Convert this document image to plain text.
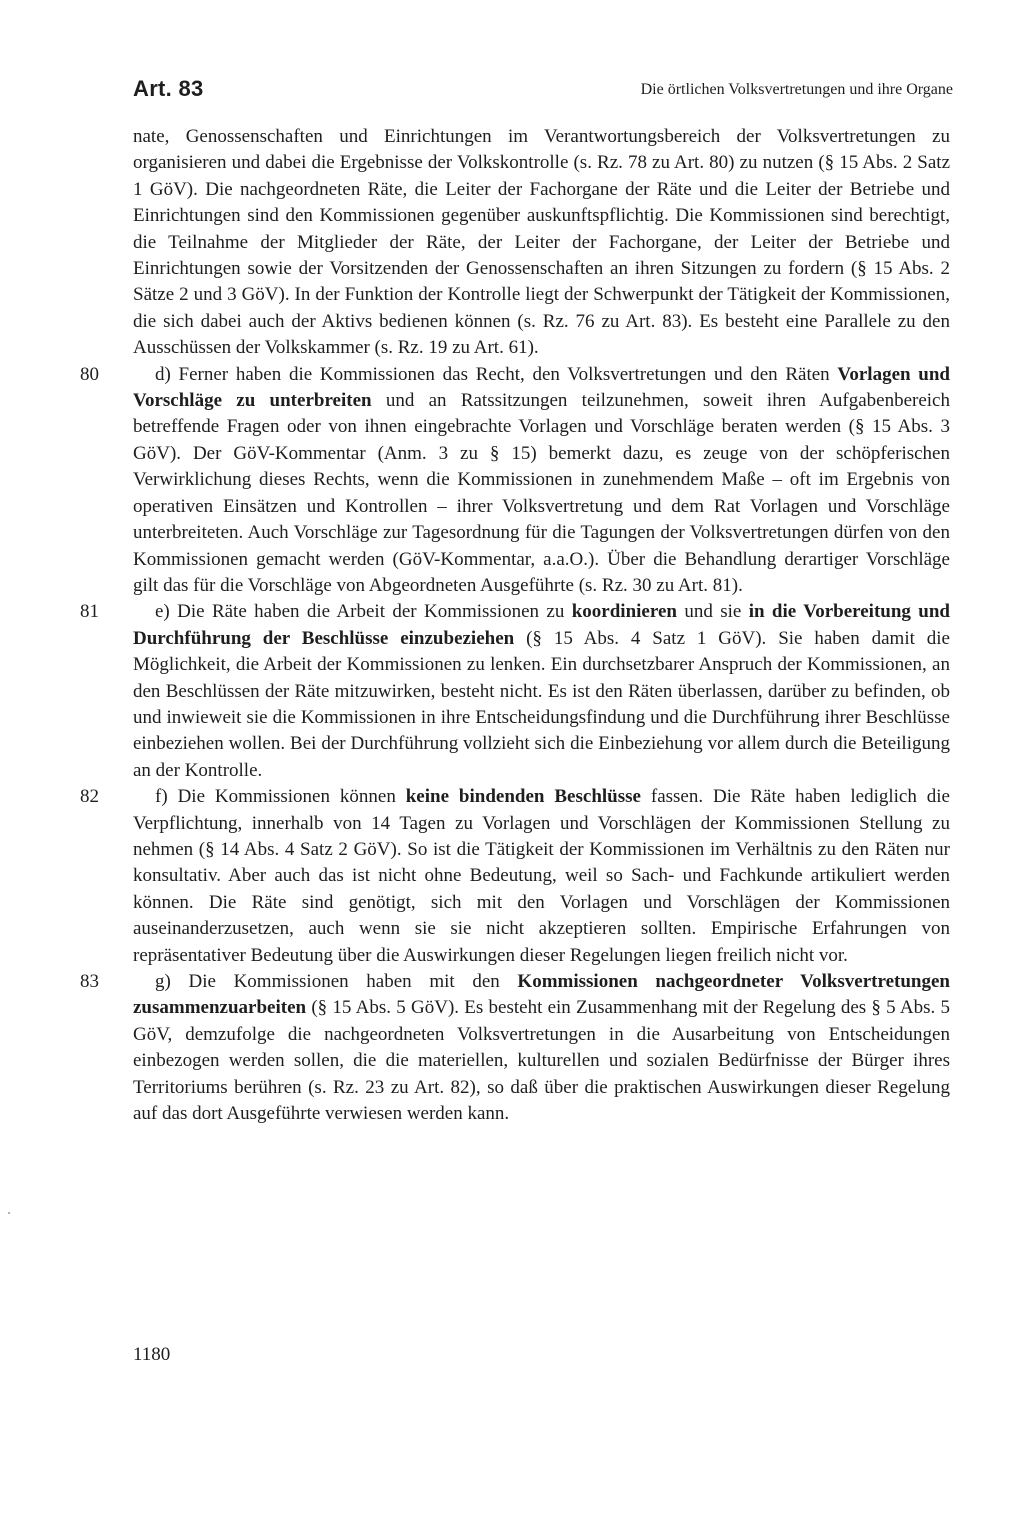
Art. 83	Die örtlichen Volksvertretungen und ihre Organe

nate, Genossenschaften und Einrichtungen im Verantwortungsbereich der Volksvertretungen zu organisieren und dabei die Ergebnisse der Volkskontrolle (s. Rz. 78 zu Art. 80) zu nutzen (§ 15 Abs. 2 Satz 1 GöV). Die nachgeordneten Räte, die Leiter der Fachorgane der Räte und die Leiter der Betriebe und Einrichtungen sind den Kommissionen gegenüber auskunftspflichtig. Die Kommissionen sind berechtigt, die Teilnahme der Mitglieder der Räte, der Leiter der Fachorgane, der Leiter der Betriebe und Einrichtungen sowie der Vorsitzenden der Genossenschaften an ihren Sitzungen zu fordern (§ 15 Abs. 2 Sätze 2 und 3 GöV). In der Funktion der Kontrolle liegt der Schwerpunkt der Tätigkeit der Kommissionen, die sich dabei auch der Aktivs bedienen können (s. Rz. 76 zu Art. 83). Es besteht eine Parallele zu den Ausschüssen der Volkskammer (s. Rz. 19 zu Art. 61).

80	d) Ferner haben die Kommissionen das Recht, den Volksvertretungen und den Räten Vorlagen und Vorschläge zu unterbreiten und an Ratssitzungen teilzunehmen, soweit ihren Aufgabenbereich betreffende Fragen oder von ihnen eingebrachte Vorlagen und Vorschläge beraten werden (§ 15 Abs. 3 GöV). Der GöV-Kommentar (Anm. 3 zu § 15) bemerkt dazu, es zeuge von der schöpferischen Verwirklichung dieses Rechts, wenn die Kommissionen in zunehmendem Maße – oft im Ergebnis von operativen Einsätzen und Kontrollen – ihrer Volksvertretung und dem Rat Vorlagen und Vorschläge unterbreiteten. Auch Vorschläge zur Tagesordnung für die Tagungen der Volksvertretungen dürfen von den Kommissionen gemacht werden (GöV-Kommentar, a.a.O.). Über die Behandlung derartiger Vorschläge gilt das für die Vorschläge von Abgeordneten Ausgeführte (s. Rz. 30 zu Art. 81).

81	e) Die Räte haben die Arbeit der Kommissionen zu koordinieren und sie in die Vorbereitung und Durchführung der Beschlüsse einzubeziehen (§ 15 Abs. 4 Satz 1 GöV). Sie haben damit die Möglichkeit, die Arbeit der Kommissionen zu lenken. Ein durchsetzbarer Anspruch der Kommissionen, an den Beschlüssen der Räte mitzuwirken, besteht nicht. Es ist den Räten überlassen, darüber zu befinden, ob und inwieweit sie die Kommissionen in ihre Entscheidungsfindung und die Durchführung ihrer Beschlüsse einbeziehen wollen. Bei der Durchführung vollzieht sich die Einbeziehung vor allem durch die Beteiligung an der Kontrolle.

82	f) Die Kommissionen können keine bindenden Beschlüsse fassen. Die Räte haben lediglich die Verpflichtung, innerhalb von 14 Tagen zu Vorlagen und Vorschlägen der Kommissionen Stellung zu nehmen (§ 14 Abs. 4 Satz 2 GöV). So ist die Tätigkeit der Kommissionen im Verhältnis zu den Räten nur konsultativ. Aber auch das ist nicht ohne Bedeutung, weil so Sach- und Fachkunde artikuliert werden können. Die Räte sind genötigt, sich mit den Vorlagen und Vorschlägen der Kommissionen auseinanderzusetzen, auch wenn sie sie nicht akzeptieren sollten. Empirische Erfahrungen von repräsentativer Bedeutung über die Auswirkungen dieser Regelungen liegen freilich nicht vor.

83	g) Die Kommissionen haben mit den Kommissionen nachgeordneter Volksvertretungen zusammenzuarbeiten (§ 15 Abs. 5 GöV). Es besteht ein Zusammenhang mit der Regelung des § 5 Abs. 5 GöV, demzufolge die nachgeordneten Volksvertretungen in die Ausarbeitung von Entscheidungen einbezogen werden sollen, die die materiellen, kulturellen und sozialen Bedürfnisse der Bürger ihres Territoriums berühren (s. Rz. 23 zu Art. 82), so daß über die praktischen Auswirkungen dieser Regelung auf das dort Ausgeführte verwiesen werden kann.

1180
